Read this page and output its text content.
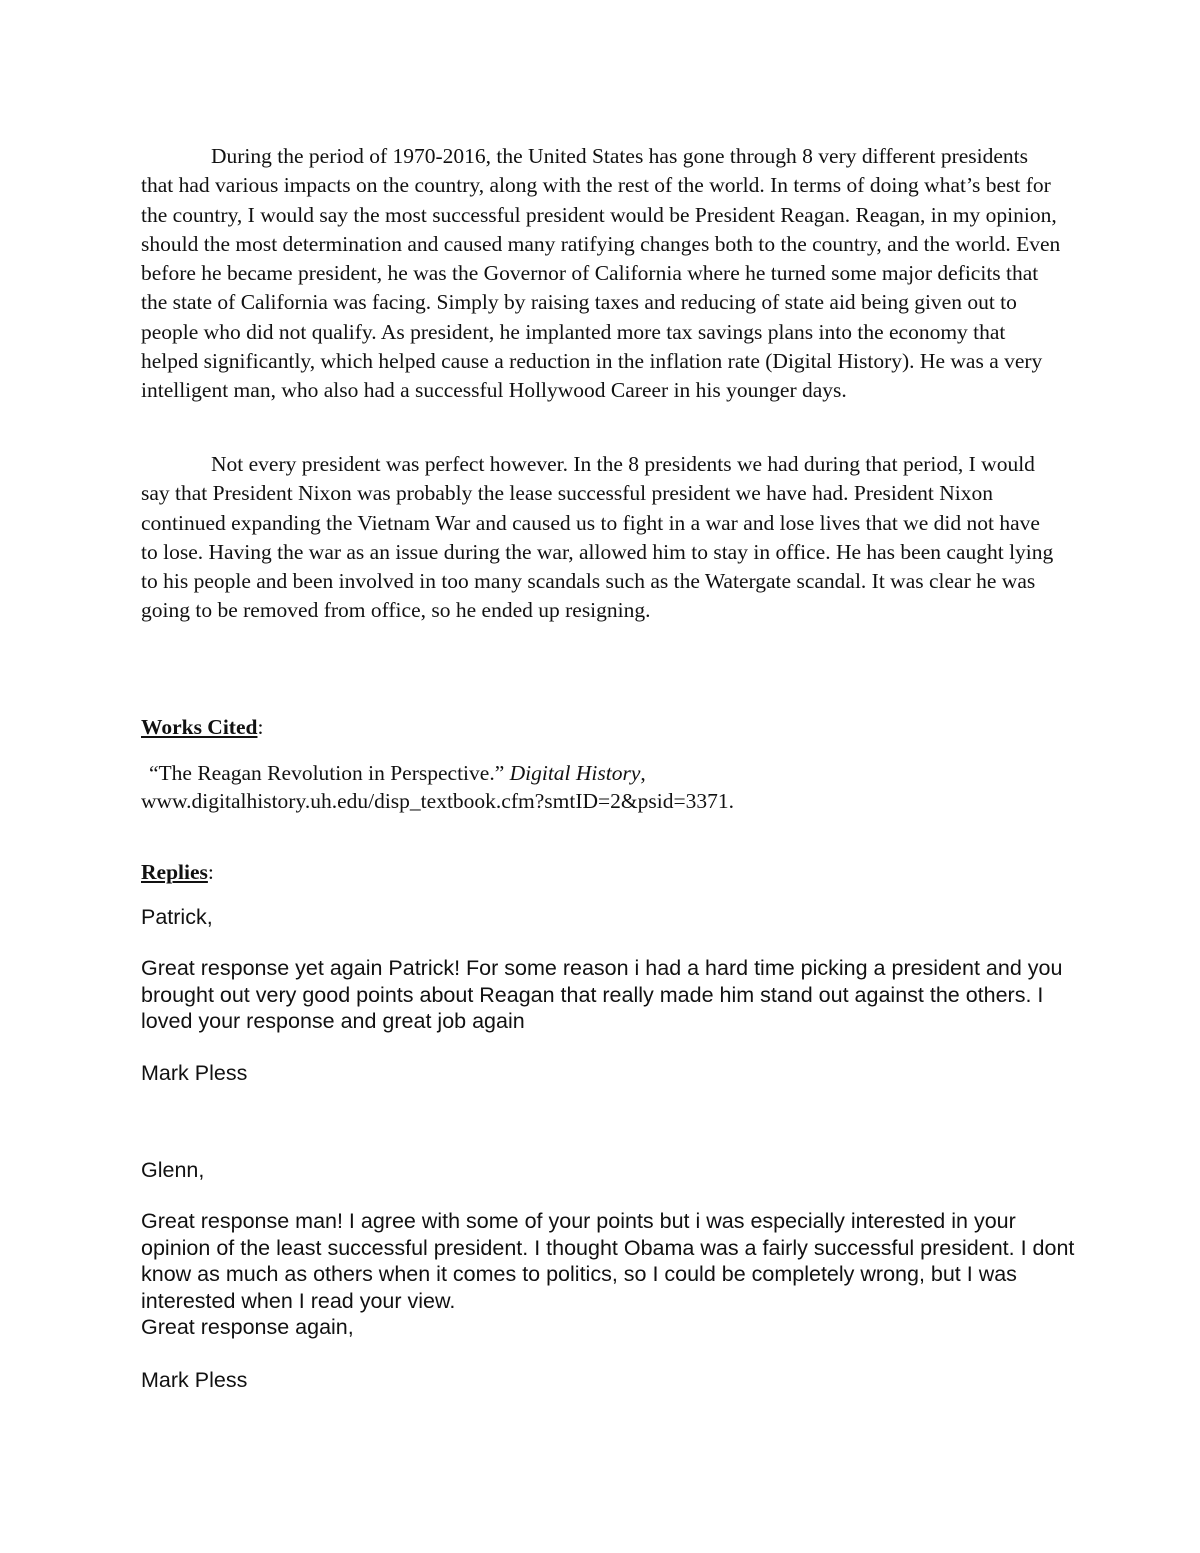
During the period of 1970-2016, the United States has gone through 8 very different presidents that had various impacts on the country, along with the rest of the world. In terms of doing what’s best for the country, I would say the most successful president would be President Reagan. Reagan, in my opinion, should the most determination and caused many ratifying changes both to the country, and the world. Even before he became president, he was the Governor of California where he turned some major deficits that the state of California was facing. Simply by raising taxes and reducing of state aid being given out to people who did not qualify. As president, he implanted more tax savings plans into the economy that helped significantly, which helped cause a reduction in the inflation rate (Digital History). He was a very intelligent man, who also had a successful Hollywood Career in his younger days.

Not every president was perfect however. In the 8 presidents we had during that period, I would say that President Nixon was probably the lease successful president we have had. President Nixon continued expanding the Vietnam War and caused us to fight in a war and lose lives that we did not have to lose. Having the war as an issue during the war, allowed him to stay in office. He has been caught lying to his people and been involved in too many scandals such as the Watergate scandal. It was clear he was going to be removed from office, so he ended up resigning.

Works Cited:
“The Reagan Revolution in Perspective.” Digital History,
www.digitalhistory.uh.edu/disp_textbook.cfm?smtID=2&psid=3371.
Replies:

Patrick,

Great response yet again Patrick! For some reason i had a hard time picking a president and you brought out very good points about Reagan that really made him stand out against the others. I loved your response and great job again

Mark Pless

Glenn,

Great response man! I agree with some of your points but i was especially interested in your opinion of the least successful president. I thought Obama was a fairly successful president. I dont know as much as others when it comes to politics, so I could be completely wrong, but I was interested when I read your view.

Great response again,

Mark Pless
